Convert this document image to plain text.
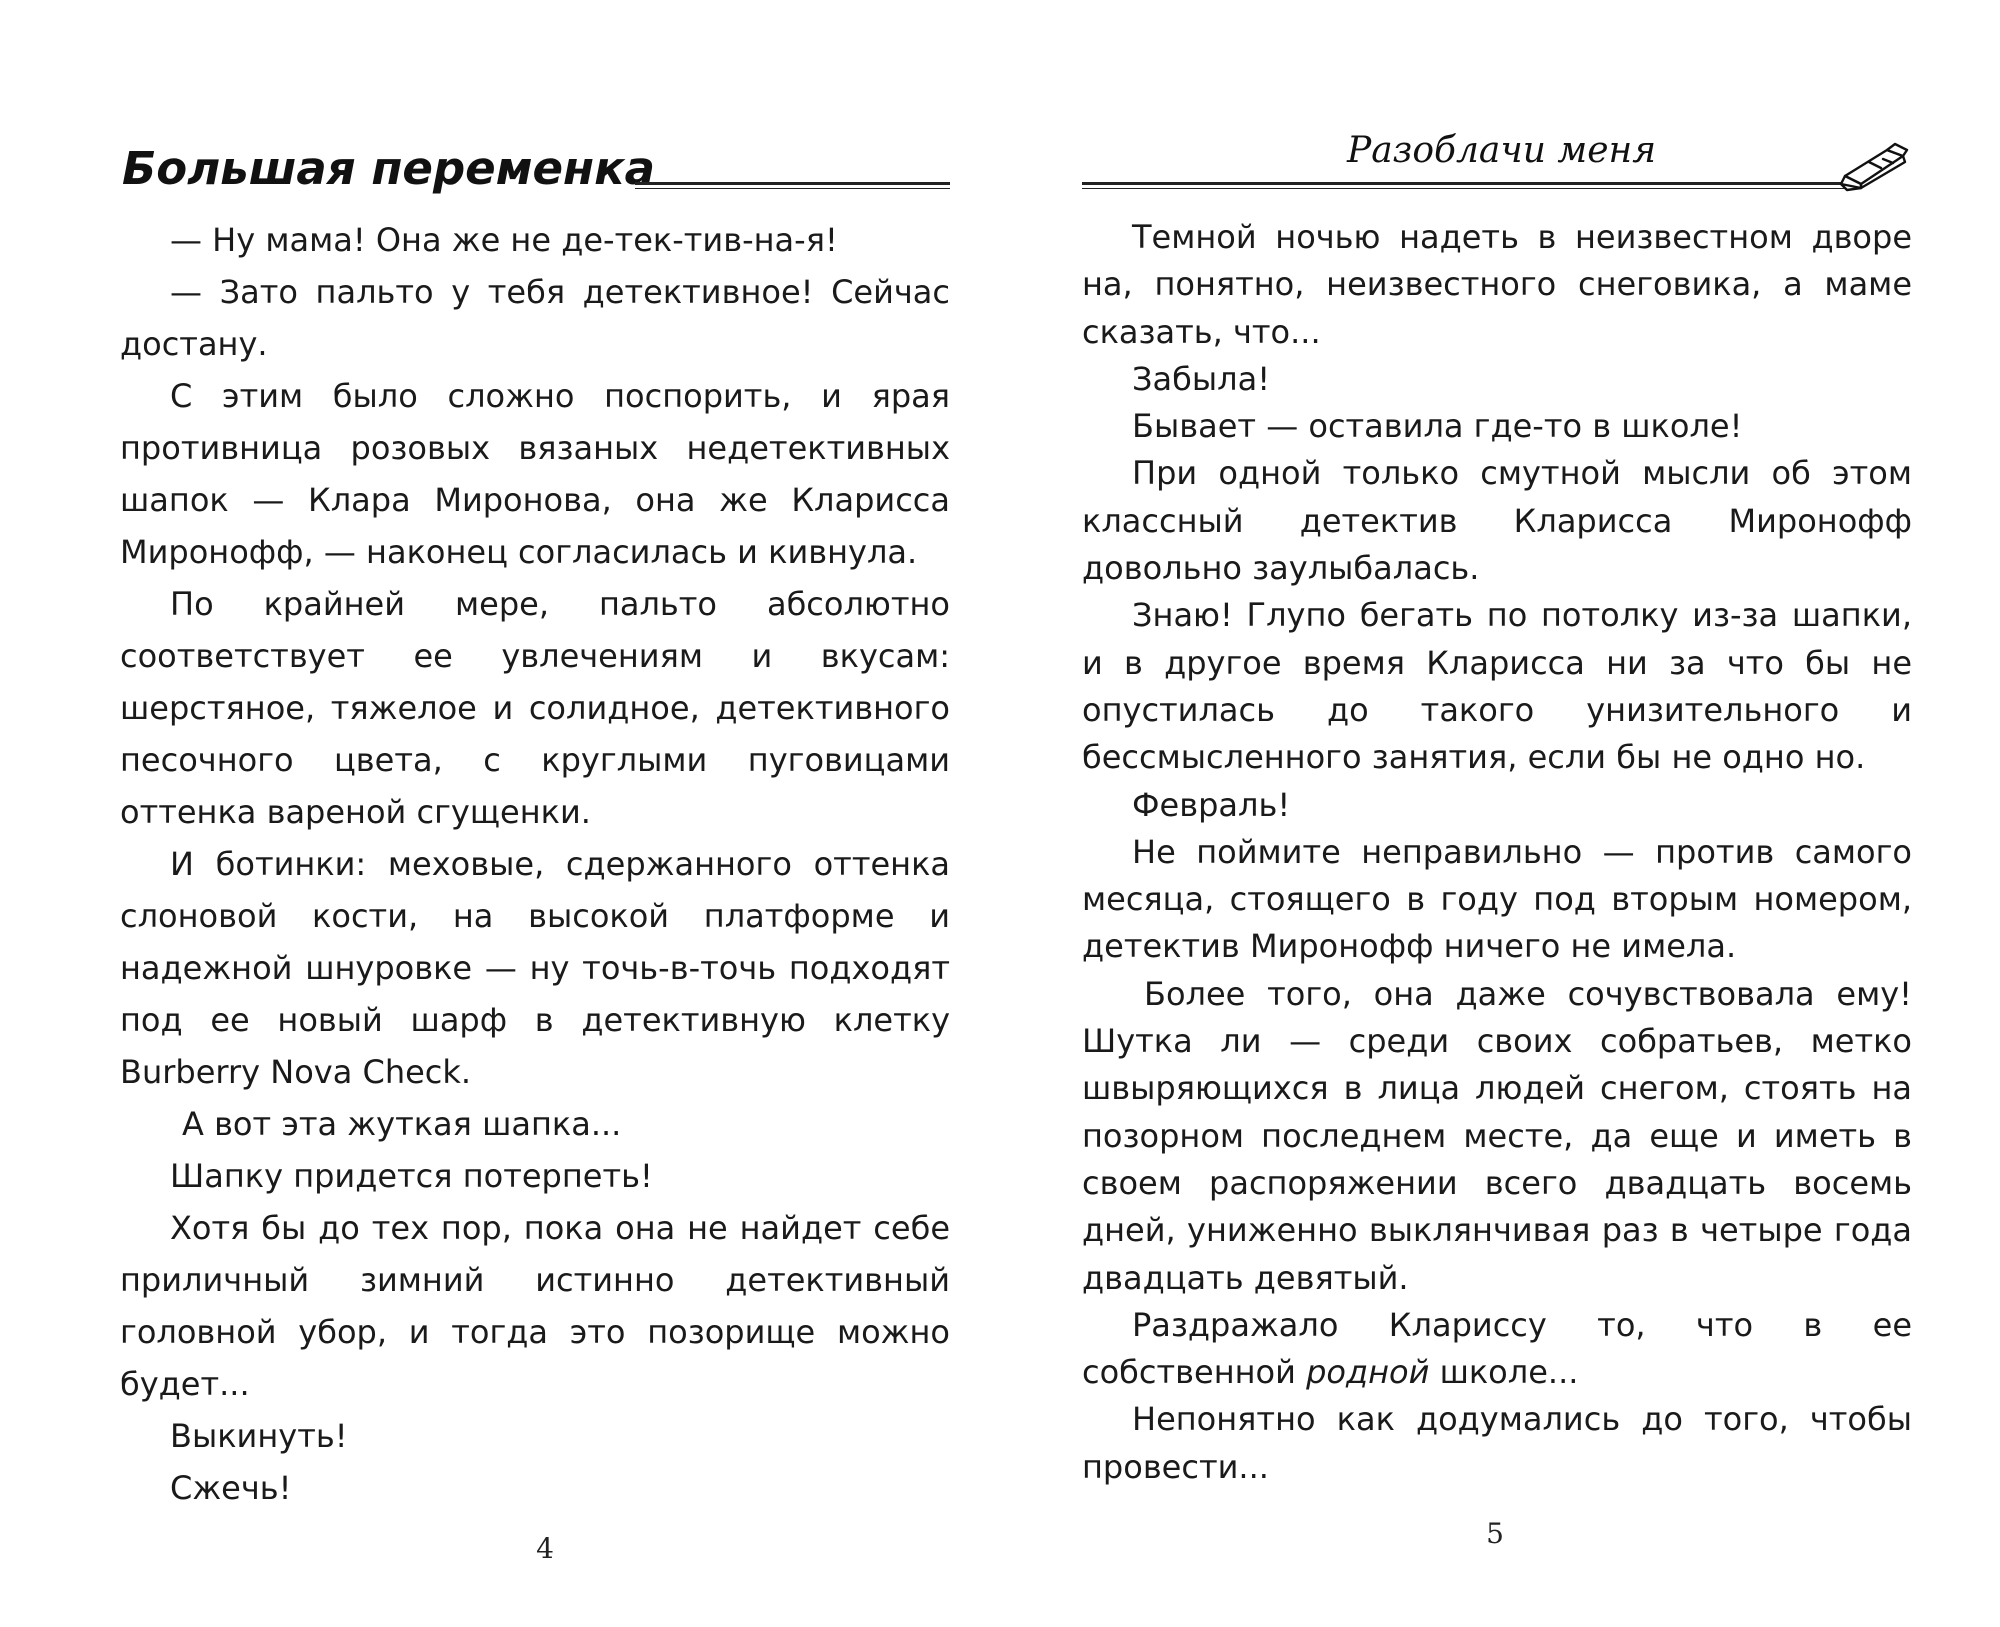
Большая переменка

— Ну мама! Она же не де-тек-тив-на-я!

— Зато пальто у тебя детективное! Сейчас достану.

С этим было сложно поспорить, и ярая противница розовых вязаных недетективных шапок — Клара Миронова, она же Кларисса Миронофф, — наконец согласилась и кивнула.

По крайней мере, пальто абсолютно соответствует ее увлечениям и вкусам: шерстяное, тяжелое и солидное, детективного песочного цвета, с круглыми пуговицами оттенка вареной сгущенки.

И ботинки: меховые, сдержанного оттенка слоновой кости, на высокой платформе и надежной шнуровке — ну точь-в-точь подходят под ее новый шарф в детективную клетку Burberry Nova Check.

А вот эта жуткая шапка...

Шапку придется потерпеть!

Хотя бы до тех пор, пока она не найдет себе приличный зимний истинно детективный головной убор, и тогда это позорище можно будет...

Выкинуть!

Сжечь!

4
Разоблачи меня

Темной ночью надеть в неизвестном дворе на, понятно, неизвестного снеговика, а маме сказать, что...

Забыла!

Бывает — оставила где-то в школе!

При одной только смутной мысли об этом классный детектив Кларисса Миронофф довольно заулыбалась.

Знаю! Глупо бегать по потолку из-за шапки, и в другое время Кларисса ни за что бы не опустилась до такого унизительного и бессмысленного занятия, если бы не одно но.

Февраль!

Не поймите неправильно — против самого месяца, стоящего в году под вторым номером, детектив Миронофф ничего не имела.

Более того, она даже сочувствовала ему! Шутка ли — среди своих собратьев, метко швыряющихся в лица людей снегом, стоять на позорном последнем месте, да еще и иметь в своем распоряжении всего двадцать восемь дней, униженно выклянчивая раз в четыре года двадцать девятый.

Раздражало Клариссу то, что в ее собственной родной школе...

Непонятно как додумались до того, чтобы провести...

5
